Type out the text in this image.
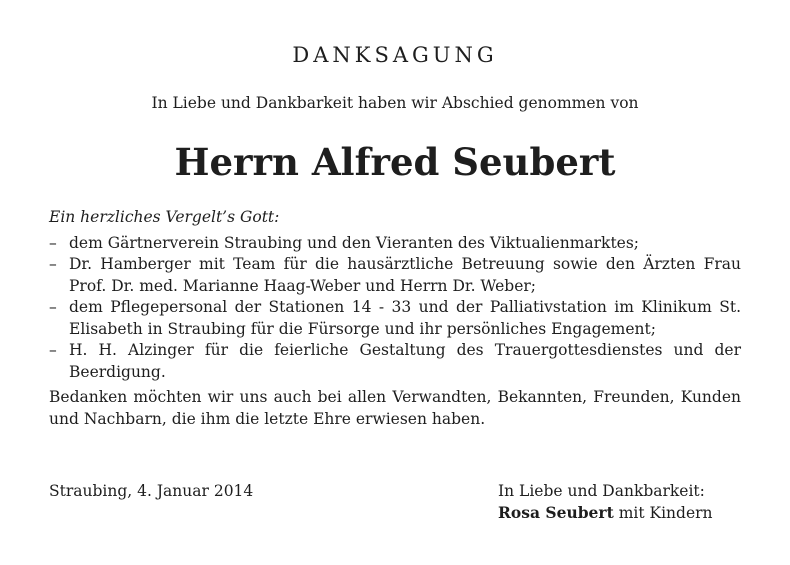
DANKSAGUNG
In Liebe und Dankbarkeit haben wir Abschied genommen von
Herrn Alfred Seubert

Ein herzliches Vergelt’s Gott:

– dem Gärtnerverein Straubing und den Vieranten des Viktualienmarktes;
– Dr. Hamberger mit Team für die hausärztliche Betreuung sowie den Ärzten Frau Prof. Dr. med. Marianne Haag-Weber und Herrn Dr. Weber;
– dem Pflegepersonal der Stationen 14 - 33 und der Palliativstation im Klinikum St. Elisabeth in Straubing für die Fürsorge und ihr persönliches Engagement;
– H. H. Alzinger für die feierliche Gestaltung des Trauergottesdienstes und der Beerdigung.

Bedanken möchten wir uns auch bei allen Verwandten, Bekannten, Freunden, Kunden und Nachbarn, die ihm die letzte Ehre erwiesen haben.

Straubing, 4. Januar 2014	In Liebe und Dankbarkeit:
Rosa Seubert mit Kindern
